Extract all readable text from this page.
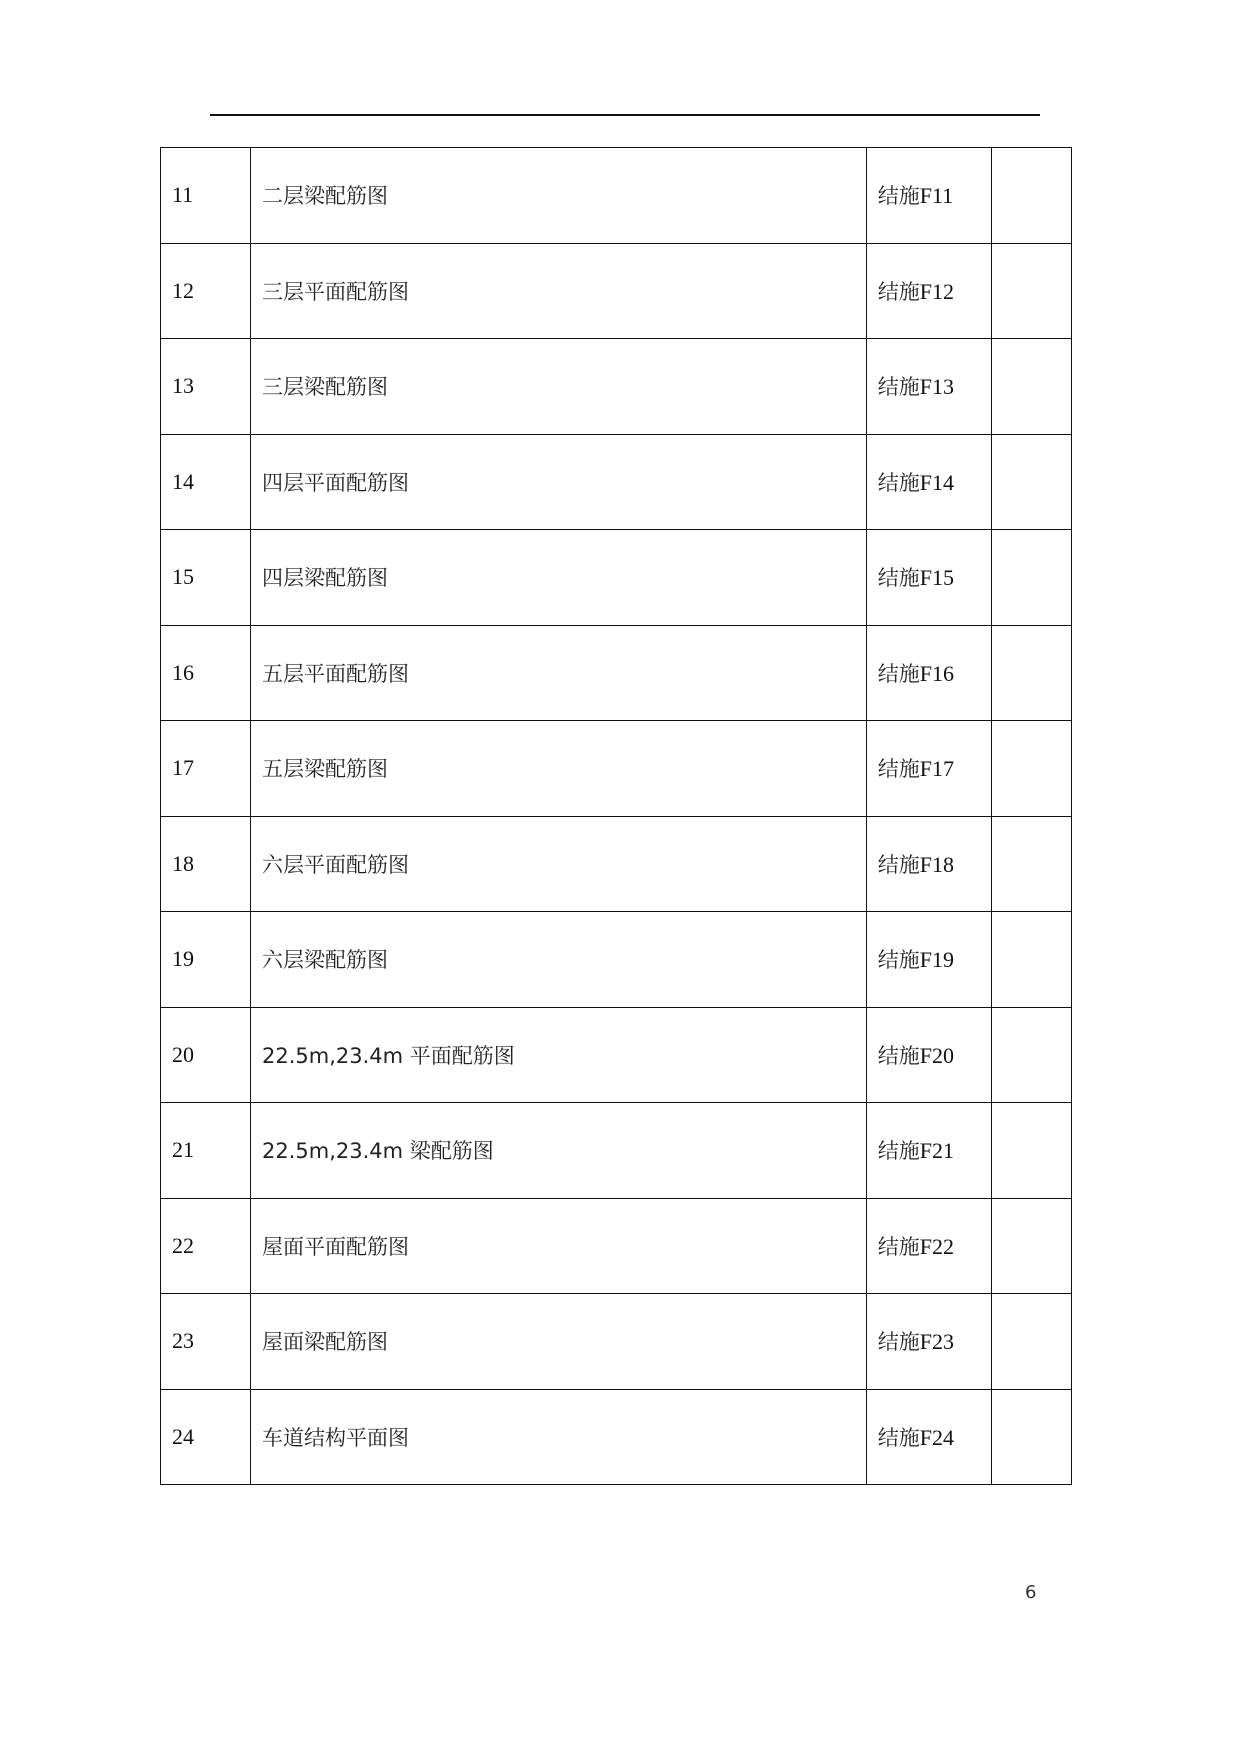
11	二层梁配筋图	结施F11	
12	三层平面配筋图	结施F12	
13	三层梁配筋图	结施F13	
14	四层平面配筋图	结施F14	
15	四层梁配筋图	结施F15	
16	五层平面配筋图	结施F16	
17	五层梁配筋图	结施F17	
18	六层平面配筋图	结施F18	
19	六层梁配筋图	结施F19	
20	22.5m,23.4m 平面配筋图	结施F20	
21	22.5m,23.4m 梁配筋图	结施F21	
22	屋面平面配筋图	结施F22	
23	屋面梁配筋图	结施F23	
24	车道结构平面图	结施F24	
6
